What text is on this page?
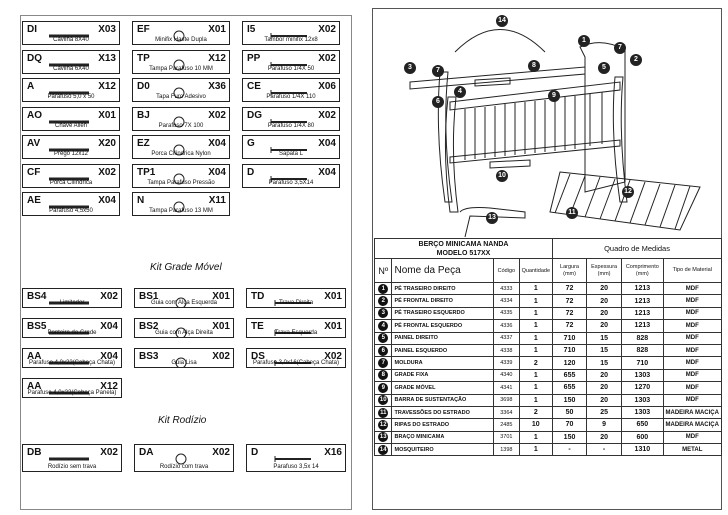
Kit Grade Móvel
Kit Rodízio
14
1
7
2
3	7
8	5
4
9
6
10
12
13
11
BERÇO MINICAMA NANDA
MODELO 517XX				Quadro de Medidas			
Nº	Nome da Peça	Código	Quantidade	Largura (mm)	Espessura (mm)	Comprimento (mm)	Tipo de Material
1	PÉ TRASEIRO DIREITO	4333	1	72	20	1213	MDF
2	PÉ FRONTAL DIREITO	4334	1	72	20	1213	MDF
3	PÉ TRASEIRO ESQUERDO	4335	1	72	20	1213	MDF
4	PÉ FRONTAL ESQUERDO	4336	1	72	20	1213	MDF
5	PAINEL DIREITO	4337	1	710	15	828	MDF
6	PAINEL ESQUERDO	4338	1	710	15	828	MDF
7	MOLDURA	4339	2	120	15	710	MDF
8	GRADE FIXA	4340	1	655	20	1303	MDF
9	GRADE MÓVEL	4341	1	655	20	1270	MDF
10	BARRA DE SUSTENTAÇÃO	3698	1	150	20	1303	MDF
11	TRAVESSÕES DO ESTRADO	3364	2	50	25	1303	MADEIRA MACIÇA
12	RIPAS DO ESTRADO	2485	10	70	9	650	MADEIRA MACIÇA
13	BRAÇO MINICAMA	3701	1	150	20	600	MDF
14	MOSQUITEIRO	1398	1	-	-	1310	METAL
DI	X03
Cavilha 8X40
EF	X01
Minifix Haste Dupla
I5	X02
Tambor minifix 12x8
DQ	X13
Cavilha 6X40
TP	X12
Tampa Parafuso 10 MM
PP	X02
Parafuso 1/4X 50
A	X12
Parafuso 5,0 x 50
D0	X36
Tapa Furo Adesivo
CE	X06
Parafuso 1/4X 110
AO	X01
Chave Allen
BJ	X02
Parafuso 7X 100
DG	X02
Parafuso 1/4X 80
AV	X20
Prego 12x12
EZ	X04
Porca Cilíndrica Nylon
G	X04
Sapata L
CF	X02
Porca Cilíndrica
TP1	X04
Tampa Parafuso Pressão
D	X04
Parafuso 3,5X14
AE	X04
Parafuso 4,5x50
N	X11
Tampa Parafuso 13 MM
BS4	X02
Limitador
BS1	X01
Guia com Alça Esquerda
TD	X01
Trava Direita
BS5	X04
Ponteira da Grade
BS2	X01
Guia com Alça Direita
TE	X01
Trava Esquerda
AA	X04
Parafuso 4,0x22(Cabeça Chata)
BS3	X02
Guia Lisa
DS	X02
Parafuso 3,0x16(Cabeça Chata)
AA	X12
Parafuso 4,0x22(Cabeça Panela)
DB	X02
Rodízio sem trava
DA	X02
Rodízio com trava
D	X16
Parafuso 3,5x 14
